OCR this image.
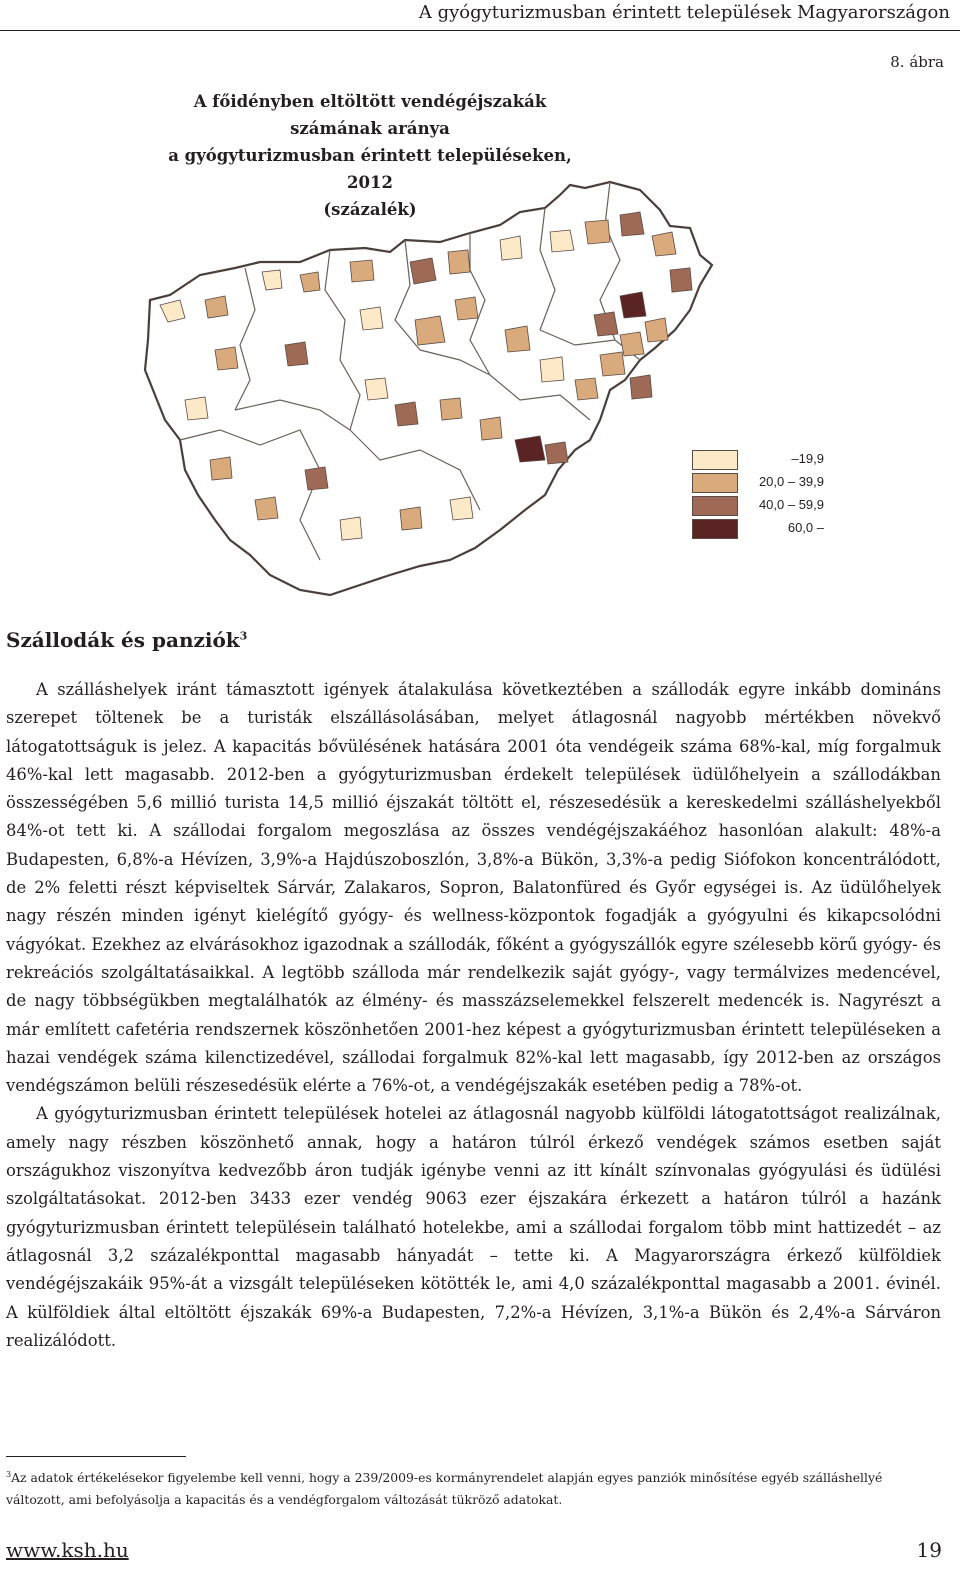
A gyógyturizmusban érintett települések Magyarországon
8. ábra
A főidényben eltöltött vendégéjszakák számának aránya
a gyógyturizmusban érintett településeken, 2012
(százalék)
–19,9
20,0 – 39,9
40,0 – 59,9
60,0 –
Szállodák és panziók$^3$

A szálláshelyek iránt támasztott igények átalakulása következtében a szállodák egyre inkább domináns szerepet töltenek be a turisták elszállásolásában, melyet átlagosnál nagyobb mértékben növekvő látogatottságuk is jelez. A kapacitás bővülésének hatására 2001 óta vendégeik száma 68%-kal, míg forgalmuk 46%-kal lett magasabb. 2012-ben a gyógyturizmusban érdekelt települések üdülőhelyein a szállodákban összességében 5,6 millió turista 14,5 millió éjszakát töltött el, részesedésük a kereskedelmi szálláshelyekből 84%-ot tett ki. A szállodai forgalom megoszlása az összes vendégéjszakáéhoz hasonlóan alakult: 48%-a Budapesten, 6,8%-a Hévízen, 3,9%-a Hajdúszoboszlón, 3,8%-a Bükön, 3,3%-a pedig Siófokon koncentrálódott, de 2% feletti részt képviseltek Sárvár, Zalakaros, Sopron, Balatonfüred és Győr egységei is. Az üdülőhelyek nagy részén minden igényt kielégítő gyógy- és wellness-központok fogadják a gyógyulni és kikapcsolódni vágyókat. Ezekhez az elvárásokhoz igazodnak a szállodák, főként a gyógyszállók egyre szélesebb körű gyógy- és rekreációs szolgáltatásaikkal. A legtöbb szálloda már rendelkezik saját gyógy-, vagy termálvizes medencével, de nagy többségükben megtalálhatók az élmény- és masszázselemekkel felszerelt medencék is. Nagyrészt a már említett cafetéria rendszernek köszönhetően 2001-hez képest a gyógyturizmusban érintett településeken a hazai vendégek száma kilenctizedével, szállodai forgalmuk 82%-kal lett magasabb, így 2012-ben az országos vendégszámon belüli részesedésük elérte a 76%-ot, a vendégéjszakák esetében pedig a 78%-ot.

A gyógyturizmusban érintett települések hotelei az átlagosnál nagyobb külföldi látogatottságot realizálnak, amely nagy részben köszönhető annak, hogy a határon túlról érkező vendégek számos esetben saját országukhoz viszonyítva kedvezőbb áron tudják igénybe venni az itt kínált színvonalas gyógyulási és üdülési szolgáltatásokat. 2012-ben 3433 ezer vendég 9063 ezer éjszakára érkezett a határon túlról a hazánk gyógyturizmusban érintett településein található hotelekbe, ami a szállodai forgalom több mint hattizedét – az átlagosnál 3,2 százalékponttal magasabb hányadát – tette ki. A Magyarországra érkező külföldiek vendégéjszakáik 95%-át a vizsgált településeken kötötték le, ami 4,0 százalékponttal magasabb a 2001. évinél. A külföldiek által eltöltött éjszakák 69%-a Budapesten, 7,2%-a Hévízen, 3,1%-a Bükön és 2,4%-a Sárváron realizálódott.

$^3$Az adatok értékelésekor figyelembe kell venni, hogy a 239/2009-es kormányrendelet alapján egyes panziók minősítése egyéb szálláshellyé változott, ami befolyásolja a kapacitás és a vendégforgalom változását tükröző adatokat.
www.ksh.hu	19
